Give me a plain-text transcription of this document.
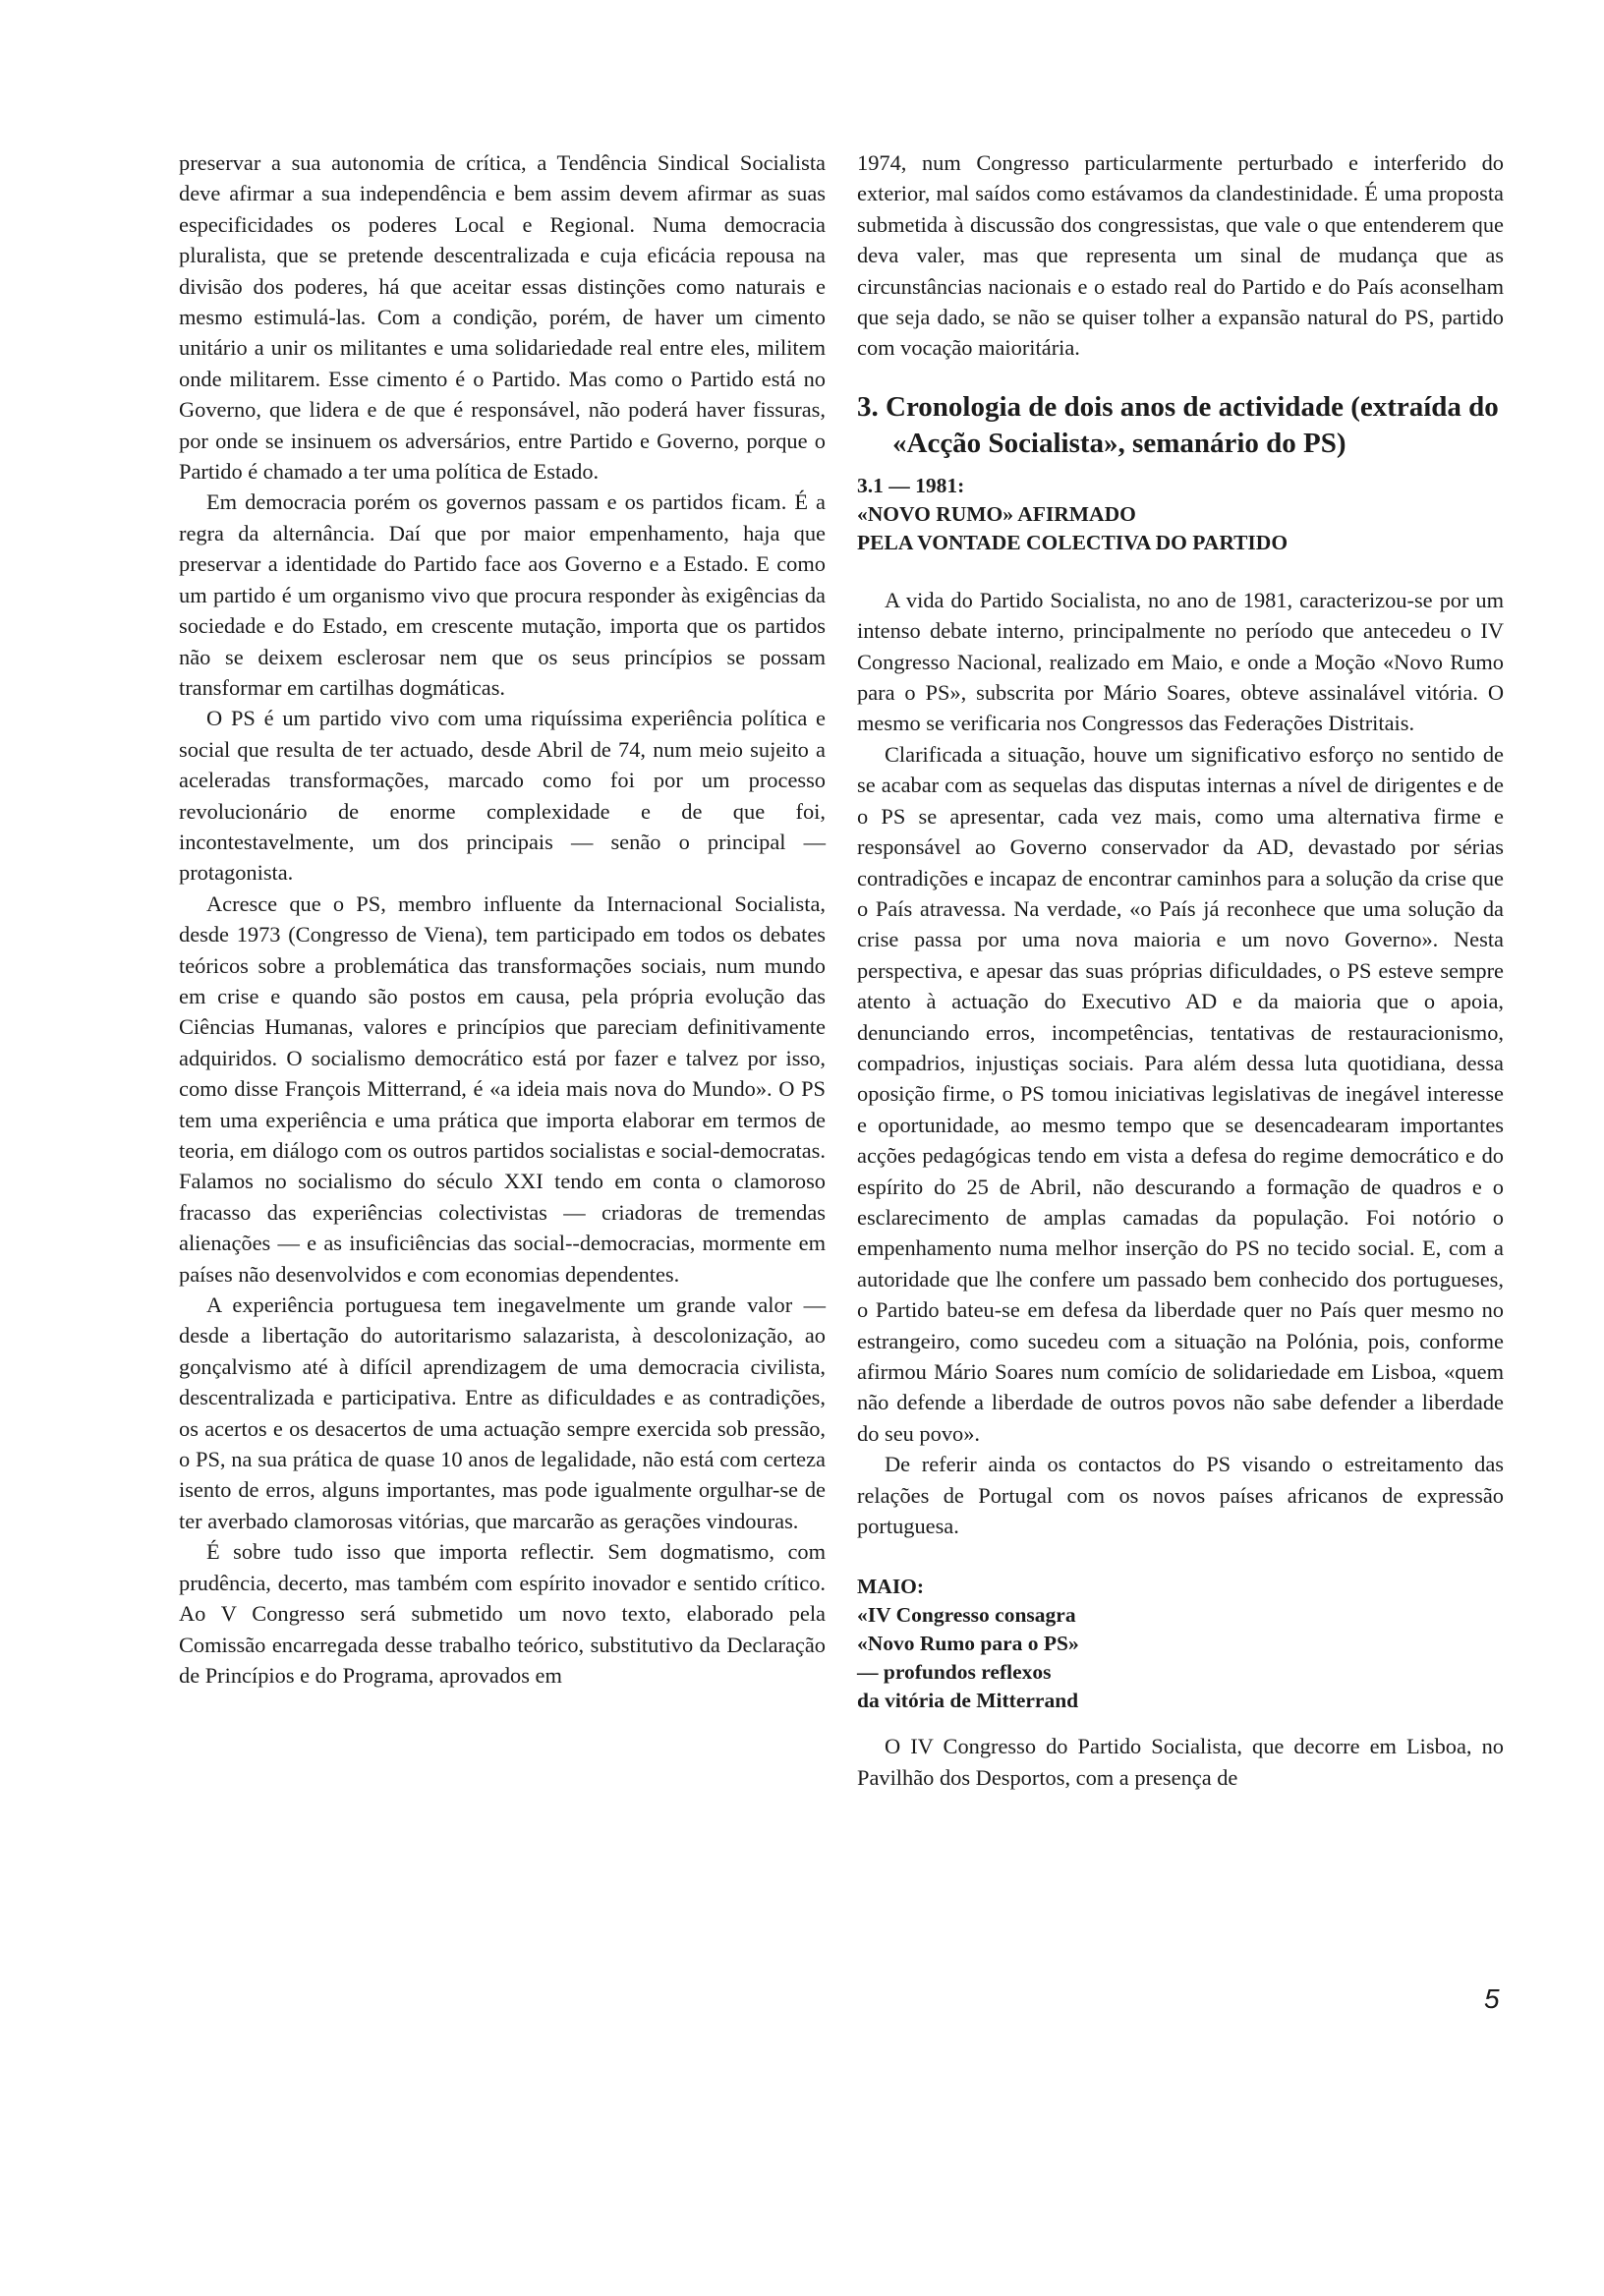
preservar a sua autonomia de crítica, a Tendência Sindical Socialista deve afirmar a sua independência e bem assim devem afirmar as suas especificidades os poderes Local e Regional. Numa democracia pluralista, que se pretende descentralizada e cuja eficácia repousa na divisão dos poderes, há que aceitar essas distinções como naturais e mesmo estimulá-las. Com a condição, porém, de haver um cimento unitário a unir os militantes e uma solidariedade real entre eles, militem onde militarem. Esse cimento é o Partido. Mas como o Partido está no Governo, que lidera e de que é responsável, não poderá haver fissuras, por onde se insinuem os adversários, entre Partido e Governo, porque o Partido é chamado a ter uma política de Estado.

Em democracia porém os governos passam e os partidos ficam. É a regra da alternância. Daí que por maior empenhamento, haja que preservar a identidade do Partido face aos Governo e a Estado. E como um partido é um organismo vivo que procura responder às exigências da sociedade e do Estado, em crescente mutação, importa que os partidos não se deixem esclerosar nem que os seus princípios se possam transformar em cartilhas dogmáticas.

O PS é um partido vivo com uma riquíssima experiência política e social que resulta de ter actuado, desde Abril de 74, num meio sujeito a aceleradas transformações, marcado como foi por um processo revolucionário de enorme complexidade e de que foi, incontestavelmente, um dos principais — senão o principal — protagonista.

Acresce que o PS, membro influente da Internacional Socialista, desde 1973 (Congresso de Viena), tem participado em todos os debates teóricos sobre a problemática das transformações sociais, num mundo em crise e quando são postos em causa, pela própria evolução das Ciências Humanas, valores e princípios que pareciam definitivamente adquiridos. O socialismo democrático está por fazer e talvez por isso, como disse François Mitterrand, é «a ideia mais nova do Mundo». O PS tem uma experiência e uma prática que importa elaborar em termos de teoria, em diálogo com os outros partidos socialistas e social-democratas. Falamos no socialismo do século XXI tendo em conta o clamoroso fracasso das experiências colectivistas — criadoras de tremendas alienações — e as insuficiências das social--democracias, mormente em países não desenvolvidos e com economias dependentes.

A experiência portuguesa tem inegavelmente um grande valor — desde a libertação do autoritarismo salazarista, à descolonização, ao gonçalvismo até à difícil aprendizagem de uma democracia civilista, descentralizada e participativa. Entre as dificuldades e as contradições, os acertos e os desacertos de uma actuação sempre exercida sob pressão, o PS, na sua prática de quase 10 anos de legalidade, não está com certeza isento de erros, alguns importantes, mas pode igualmente orgulhar-se de ter averbado clamorosas vitórias, que marcarão as gerações vindouras.

É sobre tudo isso que importa reflectir. Sem dogmatismo, com prudência, decerto, mas também com espírito inovador e sentido crítico. Ao V Congresso será submetido um novo texto, elaborado pela Comissão encarregada desse trabalho teórico, substitutivo da Declaração de Princípios e do Programa, aprovados em

1974, num Congresso particularmente perturbado e interferido do exterior, mal saídos como estávamos da clandestinidade. É uma proposta submetida à discussão dos congressistas, que vale o que entenderem que deva valer, mas que representa um sinal de mudança que as circunstâncias nacionais e o estado real do Partido e do País aconselham que seja dado, se não se quiser tolher a expansão natural do PS, partido com vocação maioritária.

3. Cronologia de dois anos de actividade (extraída do «Acção Socialista», semanário do PS)
3.1 — 1981:
«NOVO RUMO» AFIRMADO
PELA VONTADE COLECTIVA DO PARTIDO

A vida do Partido Socialista, no ano de 1981, caracterizou-se por um intenso debate interno, principalmente no período que antecedeu o IV Congresso Nacional, realizado em Maio, e onde a Moção «Novo Rumo para o PS», subscrita por Mário Soares, obteve assinalável vitória. O mesmo se verificaria nos Congressos das Federações Distritais.

Clarificada a situação, houve um significativo esforço no sentido de se acabar com as sequelas das disputas internas a nível de dirigentes e de o PS se apresentar, cada vez mais, como uma alternativa firme e responsável ao Governo conservador da AD, devastado por sérias contradições e incapaz de encontrar caminhos para a solução da crise que o País atravessa. Na verdade, «o País já reconhece que uma solução da crise passa por uma nova maioria e um novo Governo». Nesta perspectiva, e apesar das suas próprias dificuldades, o PS esteve sempre atento à actuação do Executivo AD e da maioria que o apoia, denunciando erros, incompetências, tentativas de restauracionismo, compadrios, injustiças sociais. Para além dessa luta quotidiana, dessa oposição firme, o PS tomou iniciativas legislativas de inegável interesse e oportunidade, ao mesmo tempo que se desencadearam importantes acções pedagógicas tendo em vista a defesa do regime democrático e do espírito do 25 de Abril, não descurando a formação de quadros e o esclarecimento de amplas camadas da população. Foi notório o empenhamento numa melhor inserção do PS no tecido social. E, com a autoridade que lhe confere um passado bem conhecido dos portugueses, o Partido bateu-se em defesa da liberdade quer no País quer mesmo no estrangeiro, como sucedeu com a situação na Polónia, pois, conforme afirmou Mário Soares num comício de solidariedade em Lisboa, «quem não defende a liberdade de outros povos não sabe defender a liberdade do seu povo».

De referir ainda os contactos do PS visando o estreitamento das relações de Portugal com os novos países africanos de expressão portuguesa.

MAIO:
«IV Congresso consagra
«Novo Rumo para o PS»
— profundos reflexos
da vitória de Mitterrand

O IV Congresso do Partido Socialista, que decorre em Lisboa, no Pavilhão dos Desportos, com a presença de

5
